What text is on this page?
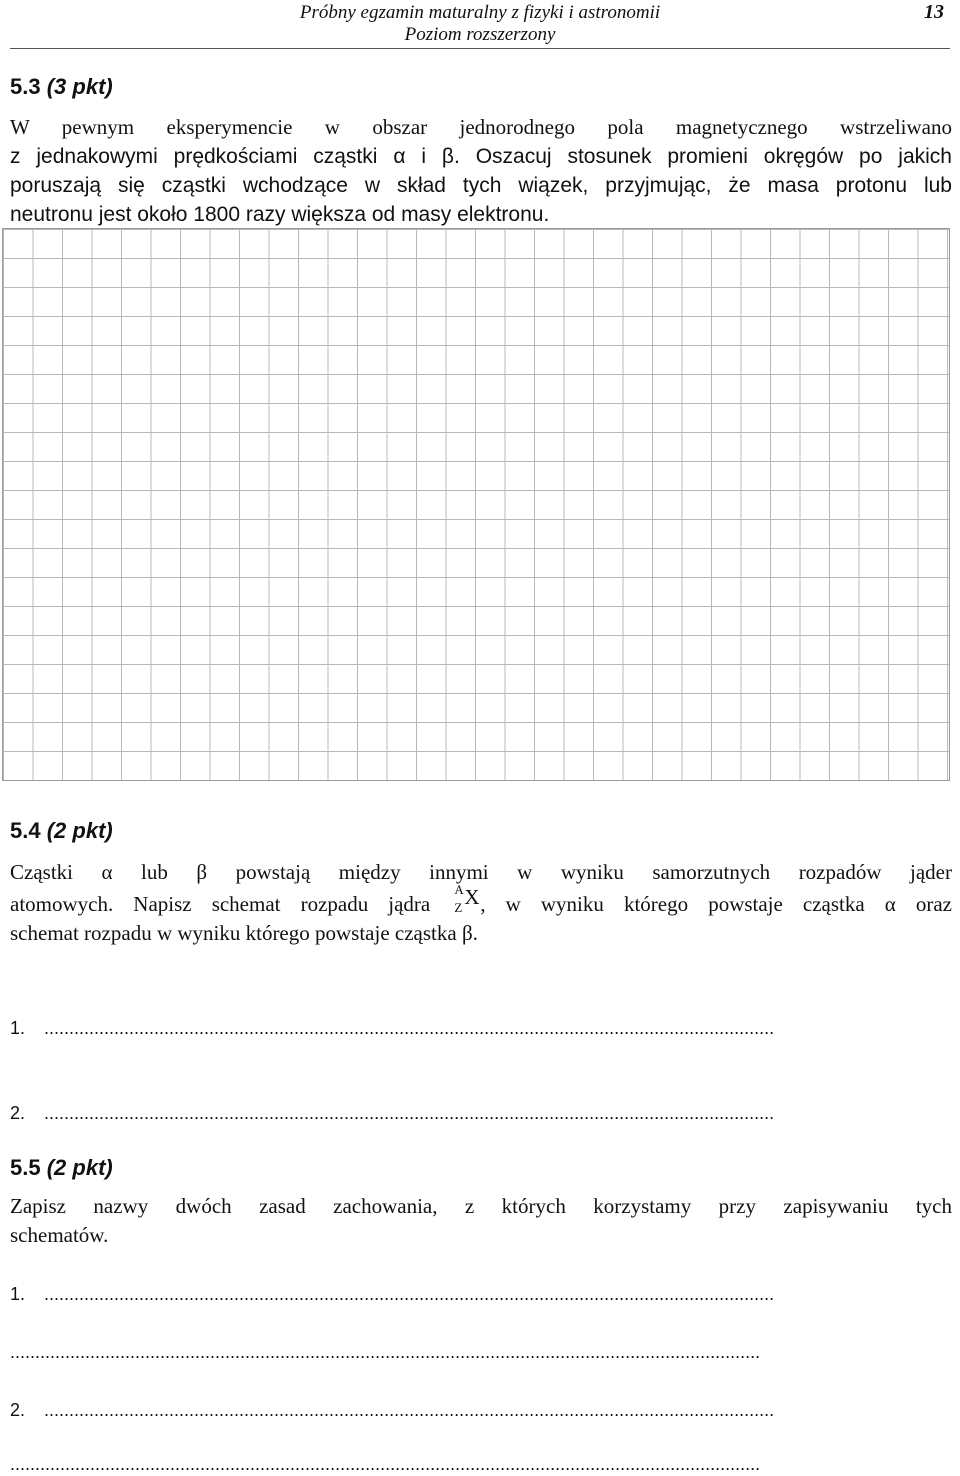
Próbny egzamin maturalny z fizyki i astronomii
Poziom rozszerzony
13
5.3 (3 pkt)
W pewnym eksperymencie w obszar jednorodnego pola magnetycznego wstrzeliwano
z jednakowymi prędkościami cząstki α i β. Oszacuj stosunek promieni okręgów po jakich
poruszają się cząstki wchodzące w skład tych wiązek, przyjmując, że masa protonu lub
neutronu jest około 1800 razy większa od masy elektronu.
5.4 (2 pkt)
Cząstki α lub β powstają między innymi w wyniku samorzutnych rozpadów jąder
atomowych. Napisz schemat rozpadu jądra
A
Z X , w wyniku którego powstaje cząstka α oraz
schemat rozpadu w wyniku którego powstaje cząstka β.
1. ..................................................................................................................................................
2. ..................................................................................................................................................
5.5 (2 pkt)
Zapisz nazwy dwóch zasad zachowania, z których korzystamy przy zapisywaniu tych
schematów.
1. ..................................................................................................................................................
......................................................................................................................................................
2. ..................................................................................................................................................
......................................................................................................................................................
